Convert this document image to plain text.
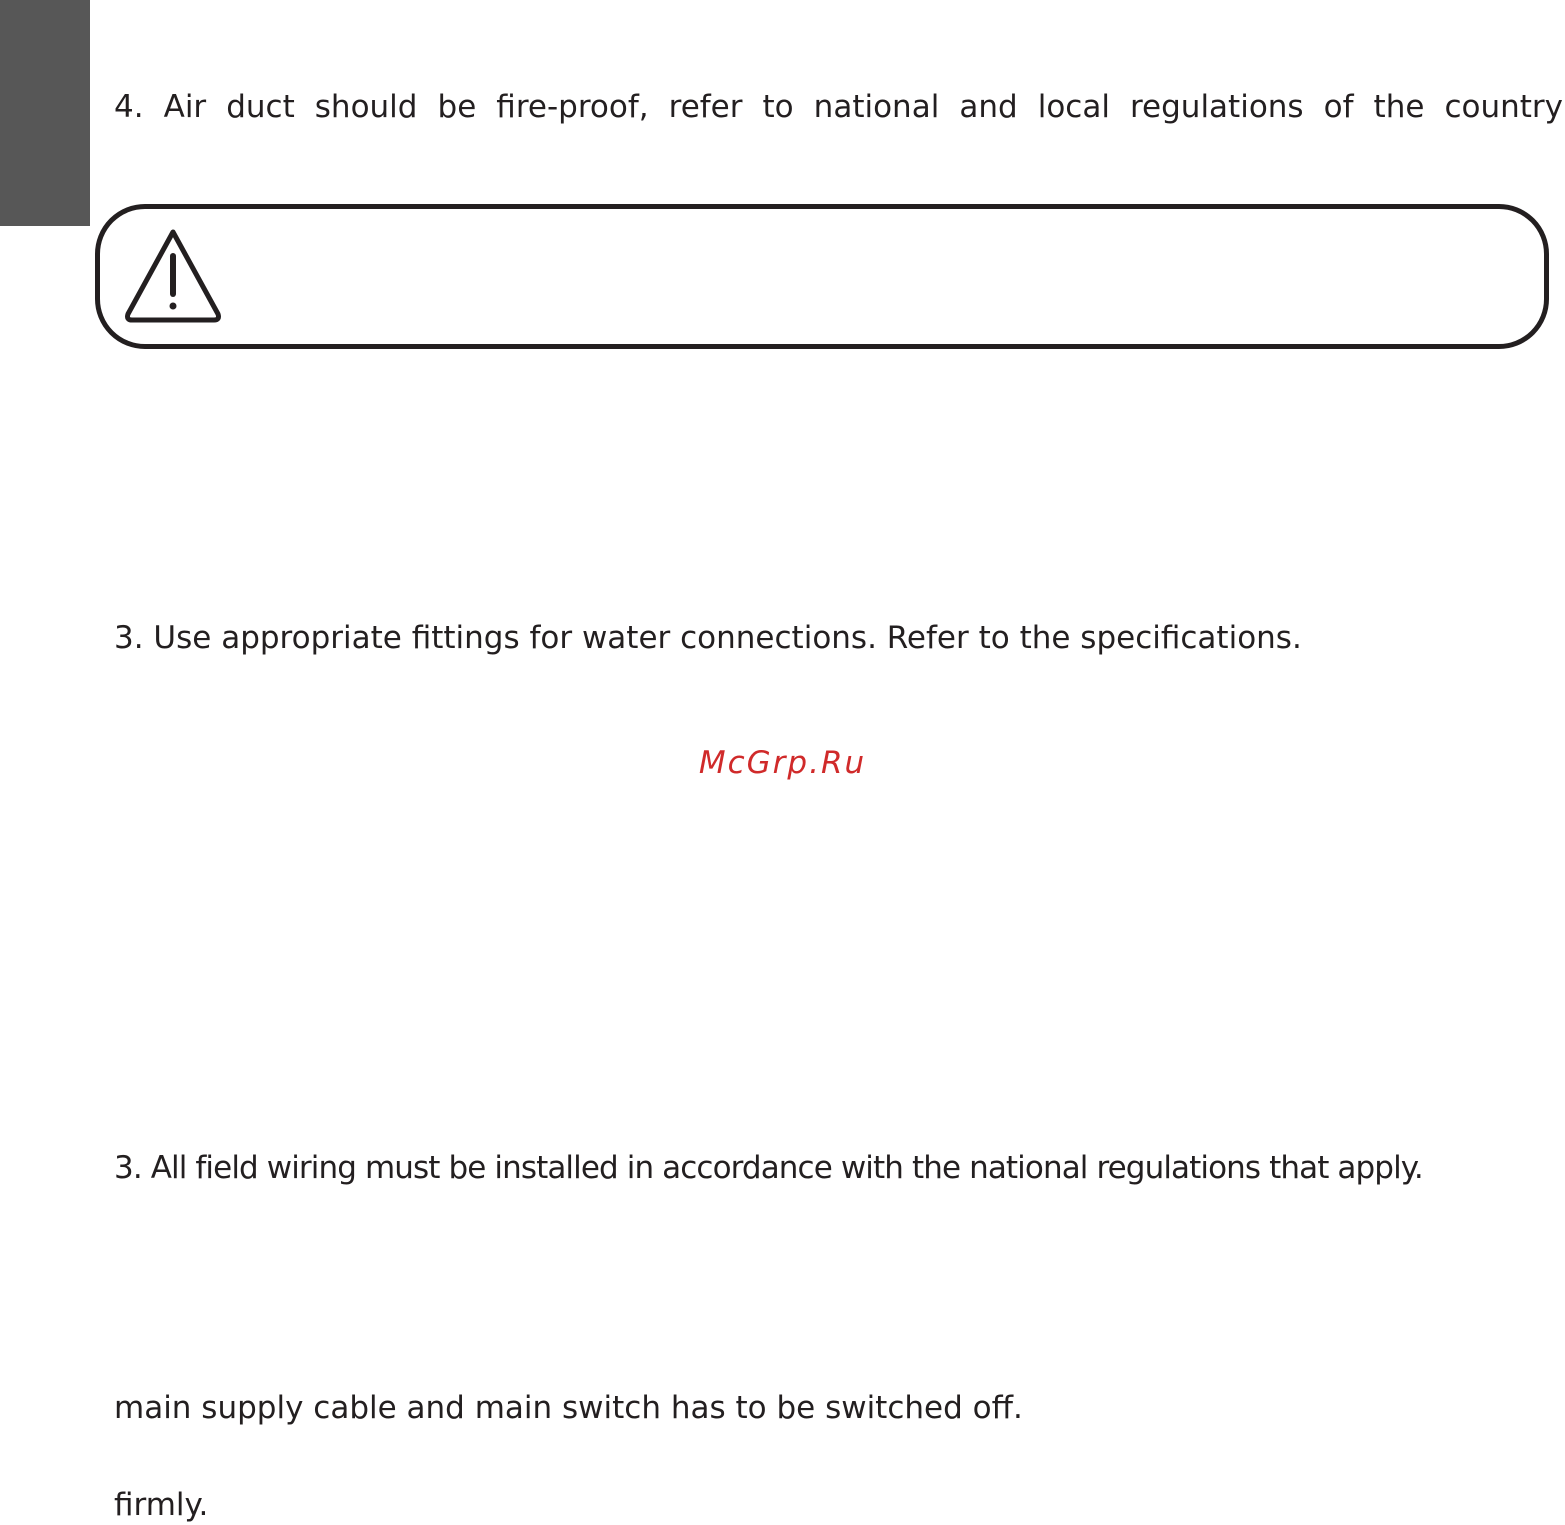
4. Air duct should be fire-proof, refer to national and local regulations of the country

3. Use appropriate fittings for water connections. Refer to the specifications.

McGrp.Ru

3. All field wiring must be installed in accordance with the national regulations that apply.

main supply cable and main switch has to be switched off.

firmly.
